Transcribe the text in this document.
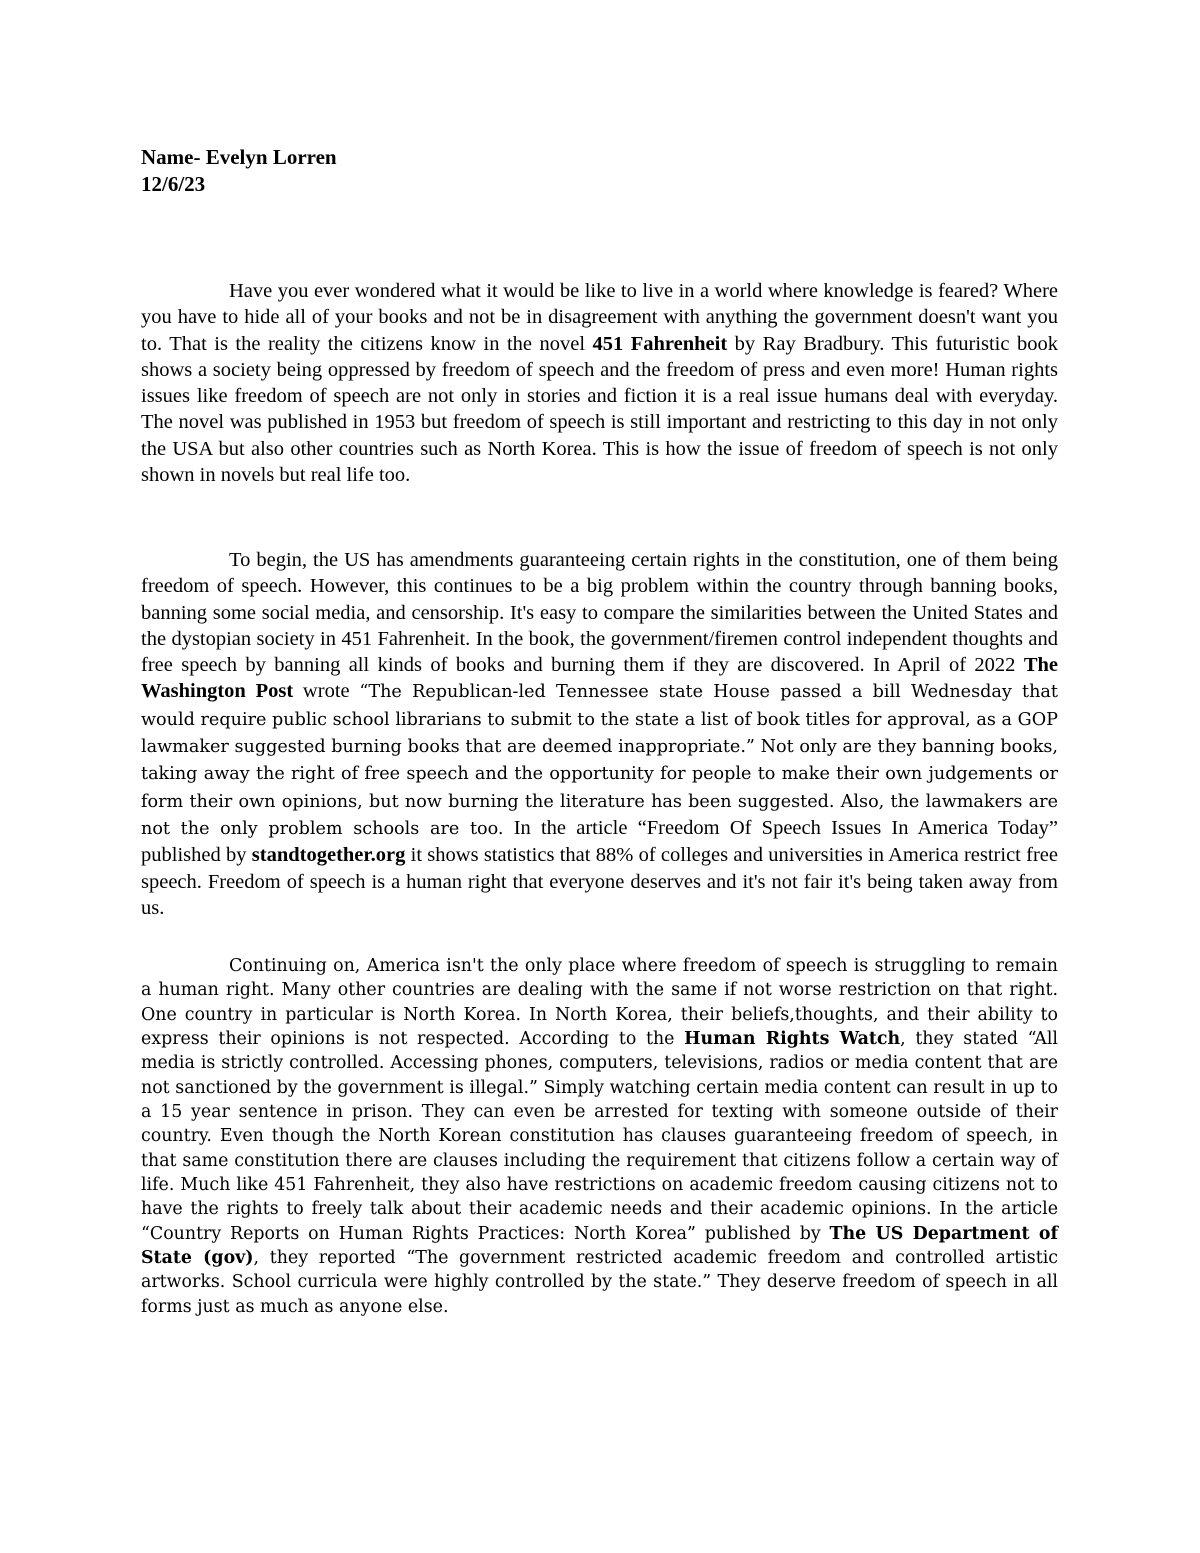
Name- Evelyn Lorren
12/6/23

Have you ever wondered what it would be like to live in a world where knowledge is feared? Where you have to hide all of your books and not be in disagreement with anything the government doesn't want you to. That is the reality the citizens know in the novel 451 Fahrenheit by Ray Bradbury. This futuristic book shows a society being oppressed by freedom of speech and the freedom of press and even more! Human rights issues like freedom of speech are not only in stories and fiction it is a real issue humans deal with everyday. The novel was published in 1953 but freedom of speech is still important and restricting to this day in not only the USA but also other countries such as North Korea. This is how the issue of freedom of speech is not only shown in novels but real life too.

To begin, the US has amendments guaranteeing certain rights in the constitution, one of them being freedom of speech. However, this continues to be a big problem within the country through banning books, banning some social media, and censorship. It's easy to compare the similarities between the United States and the dystopian society in 451 Fahrenheit. In the book, the government/firemen control independent thoughts and free speech by banning all kinds of books and burning them if they are discovered. In April of 2022 The Washington Post wrote “The Republican-led Tennessee state House passed a bill Wednesday that would require public school librarians to submit to the state a list of book titles for approval, as a GOP lawmaker suggested burning books that are deemed inappropriate.” Not only are they banning books, taking away the right of free speech and the opportunity for people to make their own judgements or form their own opinions, but now burning the literature has been suggested. Also, the lawmakers are not the only problem schools are too. In the article “Freedom Of Speech Issues In America Today” published by standtogether.org it shows statistics that 88% of colleges and universities in America restrict free speech. Freedom of speech is a human right that everyone deserves and it's not fair it's being taken away from us.

Continuing on, America isn't the only place where freedom of speech is struggling to remain a human right. Many other countries are dealing with the same if not worse restriction on that right. One country in particular is North Korea. In North Korea, their beliefs,thoughts, and their ability to express their opinions is not respected. According to the Human Rights Watch, they stated “All media is strictly controlled. Accessing phones, computers, televisions, radios or media content that are not sanctioned by the government is illegal.” Simply watching certain media content can result in up to a 15 year sentence in prison. They can even be arrested for texting with someone outside of their country. Even though the North Korean constitution has clauses guaranteeing freedom of speech, in that same constitution there are clauses including the requirement that citizens follow a certain way of life. Much like 451 Fahrenheit, they also have restrictions on academic freedom causing citizens not to have the rights to freely talk about their academic needs and their academic opinions. In the article “Country Reports on Human Rights Practices: North Korea” published by The US Department of State (gov), they reported “The government restricted academic freedom and controlled artistic artworks. School curricula were highly controlled by the state.” They deserve freedom of speech in all forms just as much as anyone else.
